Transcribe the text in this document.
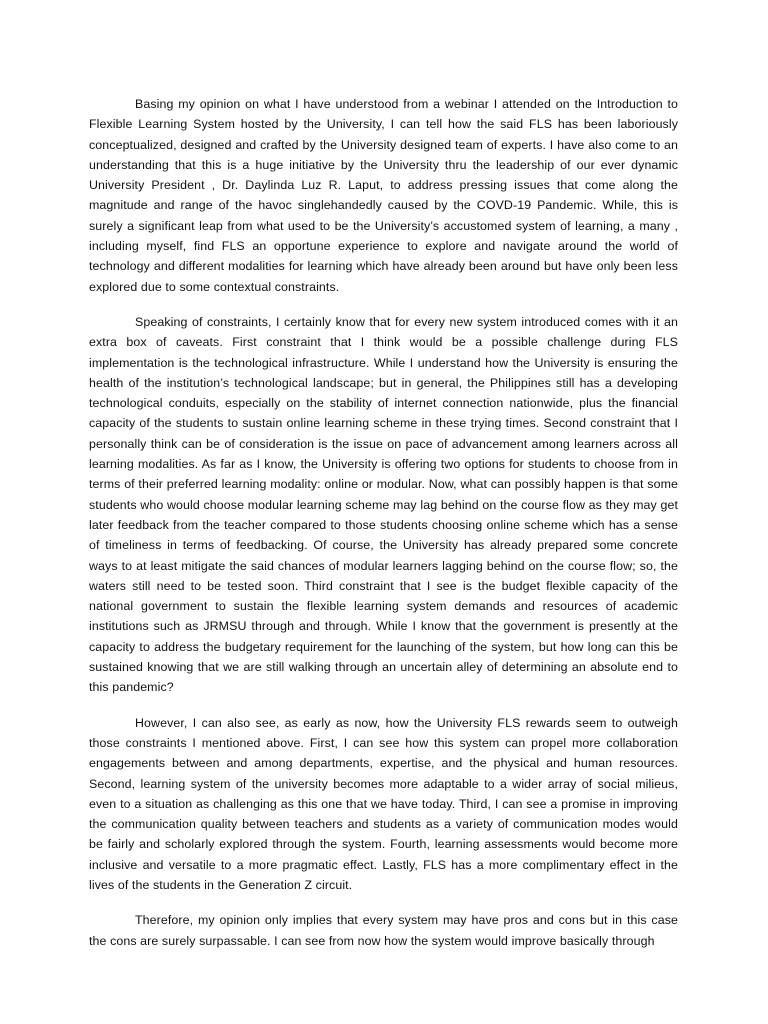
Basing my opinion on what I have understood from a webinar I attended on the Introduction to Flexible Learning System hosted by the University, I can tell how the said FLS has been laboriously conceptualized, designed and crafted by the University designed team of experts. I have also come to an understanding that this is a huge initiative by the University thru the leadership of our ever dynamic University President , Dr. Daylinda Luz R. Laput, to address pressing issues that come along the magnitude and range of the havoc singlehandedly caused by the COVD-19 Pandemic. While, this is surely a significant leap from what used to be the University’s accustomed system of learning, a many , including myself, find FLS an opportune experience to explore and navigate around the world of technology and different modalities for learning which have already been around but have only been less explored due to some contextual constraints.

Speaking of constraints, I certainly know that for every new system introduced comes with it an extra box of caveats. First constraint that I think would be a possible challenge during FLS implementation is the technological infrastructure. While I understand how the University is ensuring the health of the institution’s technological landscape; but in general, the Philippines still has a developing technological conduits, especially on the stability of internet connection nationwide, plus the financial capacity of the students to sustain online learning scheme in these trying times. Second constraint that I personally think can be of consideration is the issue on pace of advancement among learners across all learning modalities. As far as I know, the University is offering two options for students to choose from in terms of their preferred learning modality: online or modular. Now, what can possibly happen is that some students who would choose modular learning scheme may lag behind on the course flow as they may get later feedback from the teacher compared to those students choosing online scheme which has a sense of timeliness in terms of feedbacking. Of course, the University has already prepared some concrete ways to at least mitigate the said chances of modular learners lagging behind on the course flow; so, the waters still need to be tested soon. Third constraint that I see is the budget flexible capacity of the national government to sustain the flexible learning system demands and resources of academic institutions such as JRMSU through and through. While I know that the government is presently at the capacity to address the budgetary requirement for the launching of the system, but how long can this be sustained knowing that we are still walking through an uncertain alley of determining an absolute end to this pandemic?

However, I can also see, as early as now, how the University FLS rewards seem to outweigh those constraints I mentioned above. First, I can see how this system can propel more collaboration engagements between and among departments, expertise, and the physical and human resources. Second, learning system of the university becomes more adaptable to a wider array of social milieus, even to a situation as challenging as this one that we have today. Third, I can see a promise in improving the communication quality between teachers and students as a variety of communication modes would be fairly and scholarly explored through the system. Fourth, learning assessments would become more inclusive and versatile to a more pragmatic effect. Lastly, FLS has a more complimentary effect in the lives of the students in the Generation Z circuit.

Therefore, my opinion only implies that every system may have pros and cons but in this case the cons are surely surpassable. I can see from now how the system would improve basically through
